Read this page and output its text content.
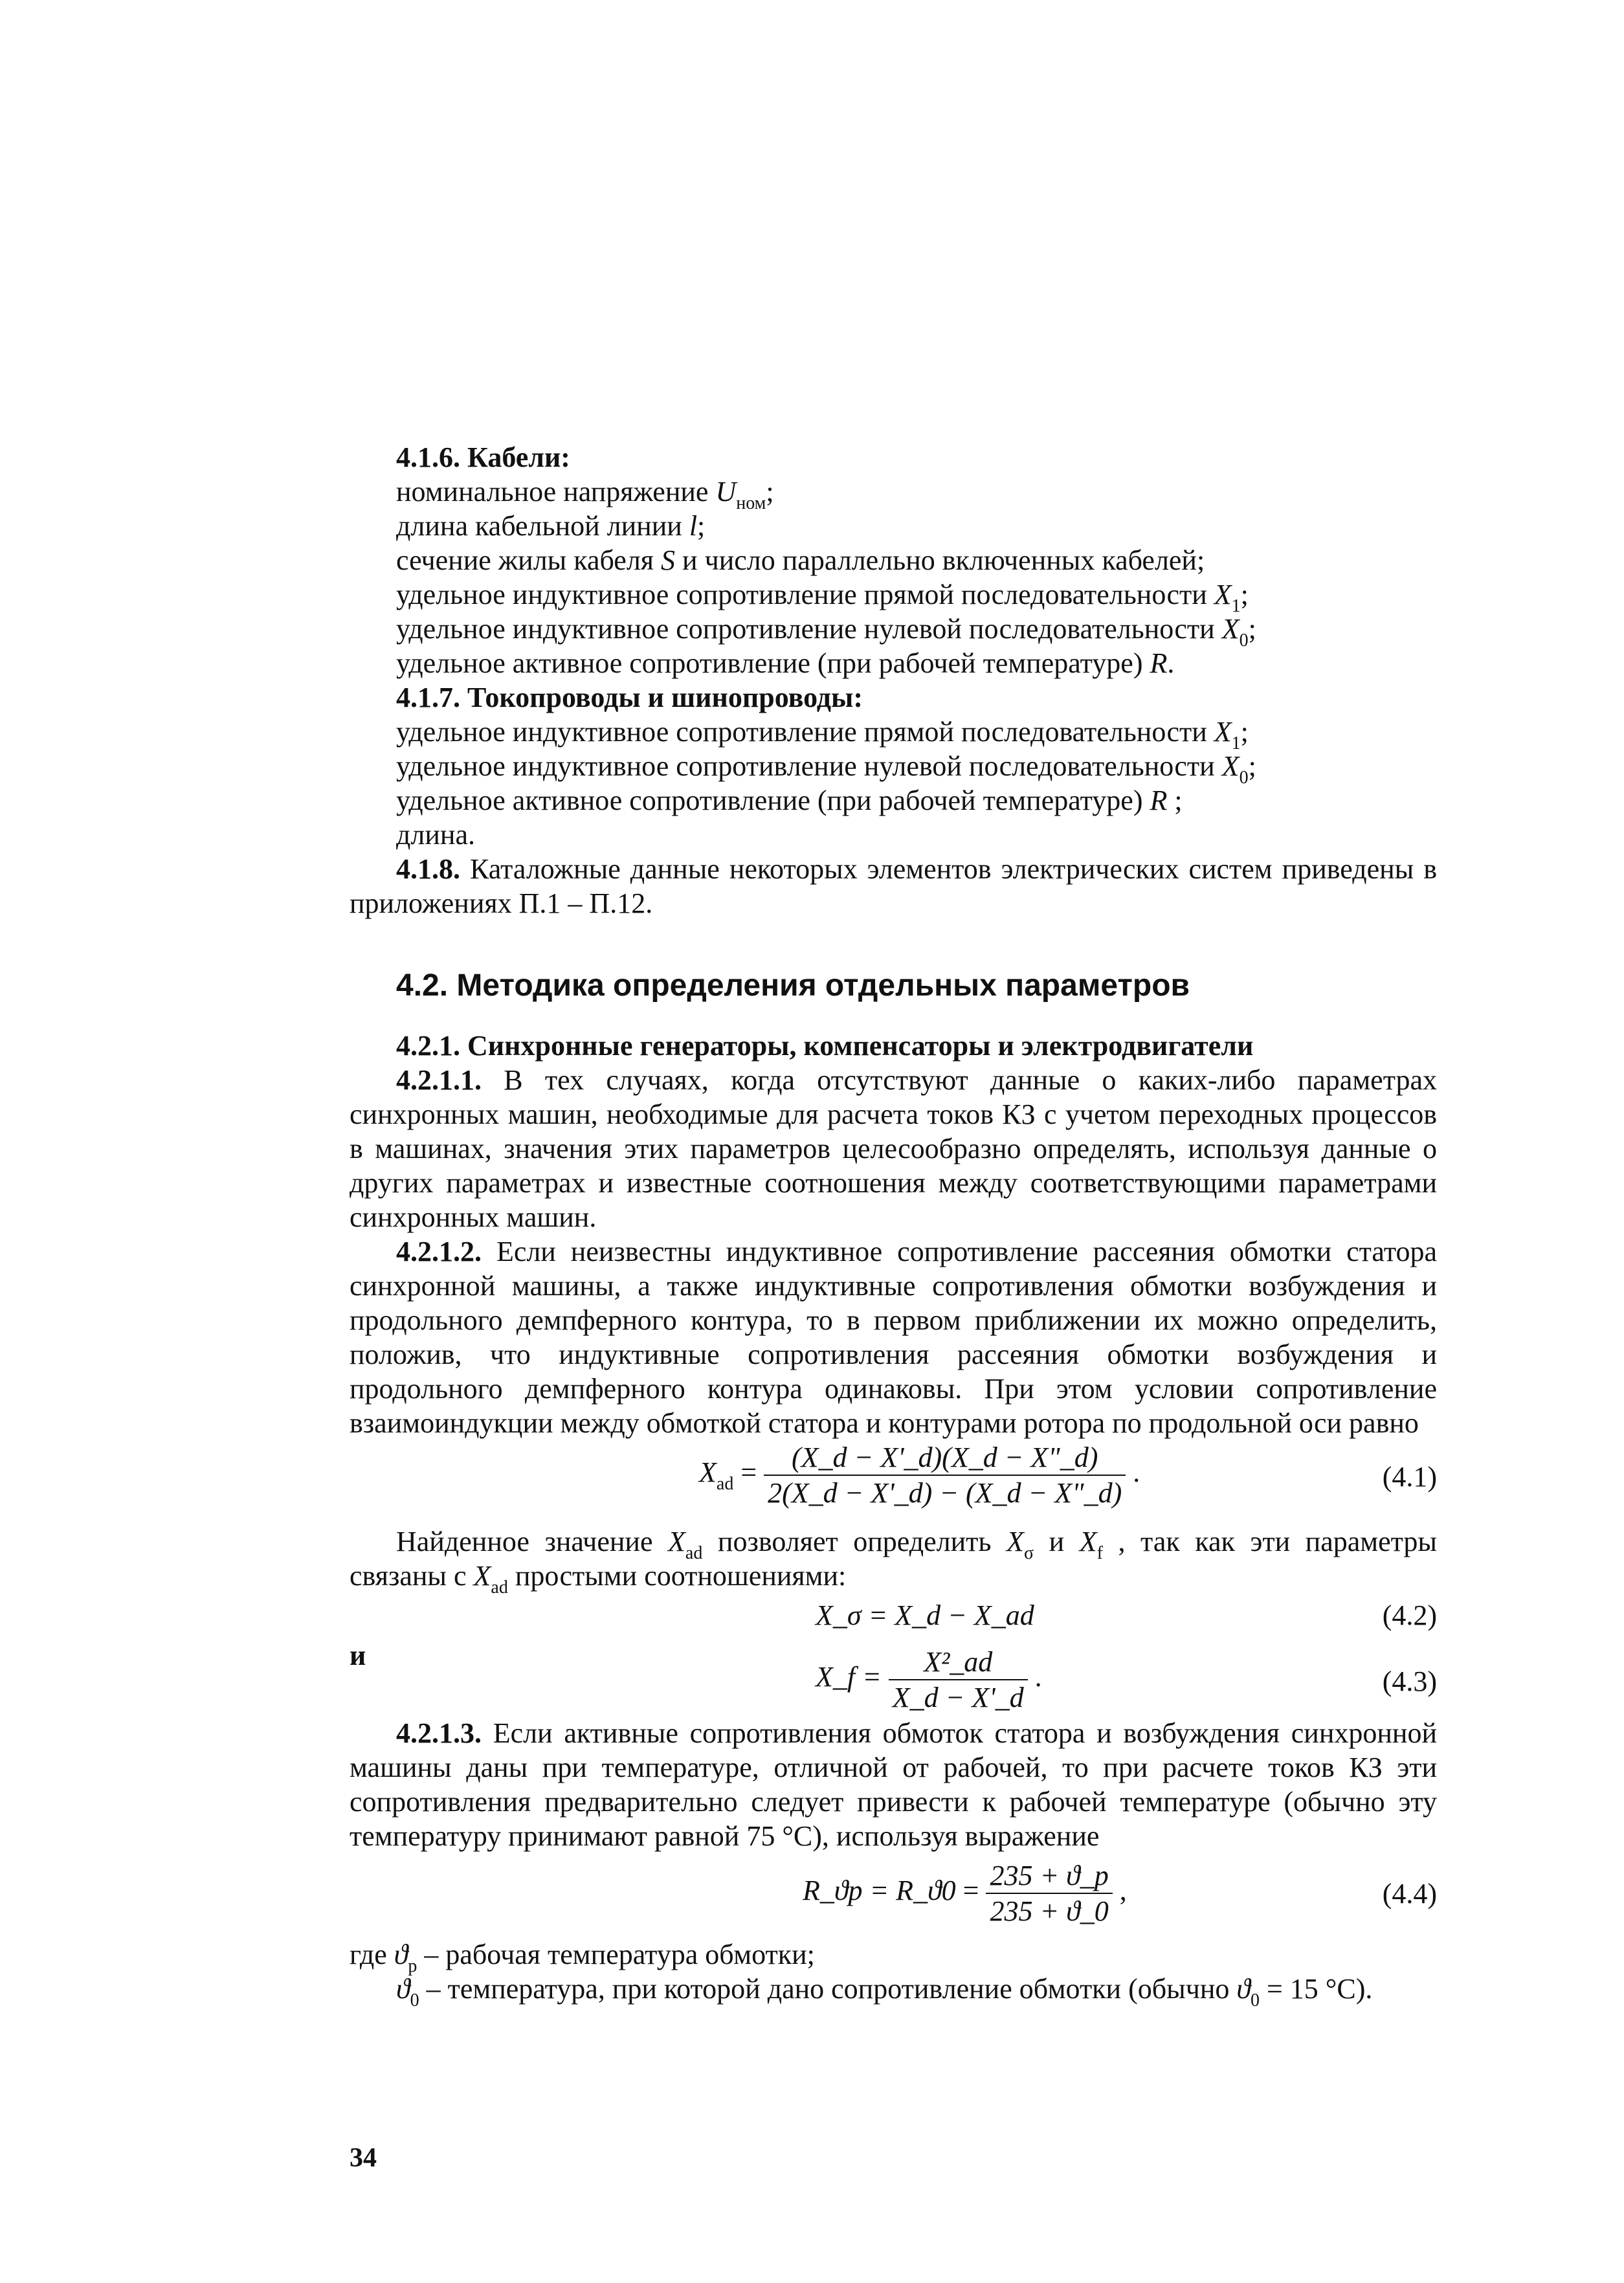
4.1.6. Кабели:

номинальное напряжение $U_{ном}$;

длина кабельной линии l;

сечение жилы кабеля S и число параллельно включенных кабелей;

удельное индуктивное сопротивление прямой последовательности $X_1$;

удельное индуктивное сопротивление нулевой последовательности $X_0$;

удельное активное сопротивление (при рабочей температуре) R.

4.1.7. Токопроводы и шинопроводы:

удельное индуктивное сопротивление прямой последовательности $X_1$;

удельное индуктивное сопротивление нулевой последовательности $X_0$;

удельное активное сопротивление (при рабочей температуре) R ;

длина.

4.1.8. Каталожные данные некоторых элементов электрических систем приведены в приложениях П.1 – П.12.

4.2. Методика определения отдельных параметров

4.2.1. Синхронные генераторы, компенсаторы и электродвигатели

4.2.1.1. В тех случаях, когда отсутствуют данные о каких-либо параметрах синхронных машин, необходимые для расчета токов КЗ с учетом переходных процессов в машинах, значения этих параметров целесообразно определять, используя данные о других параметрах и известные соотношения между соответствующими параметрами синхронных машин.

4.2.1.2. Если неизвестны индуктивное сопротивление рассеяния обмотки статора синхронной машины, а также индуктивные сопротивления обмотки возбуждения и продольного демпферного контура, то в первом приближении их можно определить, положив, что индуктивные сопротивления рассеяния обмотки возбуждения и продольного демпферного контура одинаковы. При этом условии сопротивление взаимоиндукции между обмоткой статора и контурами ротора по продольной оси равно

$X_{ad} = \frac{(X\_d - X'\_d)(X\_d - X"\_d)}{2(X\_d - X'\_d) - (X\_d - X"\_d)}$ .	(4.1)

Найденное значение $X_{ad}$ позволяет определить $X_\sigma$ и $X_f$ , так как эти параметры связаны с $X_{ad}$ простыми соотношениями:

X_σ = X_d − X_ad	(4.2)
и
X_f = $\frac{\text{X²\_ad}}{X\_d - X'\_d}$ .	(4.3)

4.2.1.3. Если активные сопротивления обмоток статора и возбуждения синхронной машины даны при температуре, отличной от рабочей, то при расчете токов КЗ эти сопротивления предварительно следует привести к рабочей температуре (обычно эту температуру принимают равной 75 °С), используя выражение

R_ϑp = R_ϑ0 = $\frac{235 + ϑ\_p}{235 + ϑ\_0}$ ,	(4.4)

где $ϑ_p$ – рабочая температура обмотки;

$ϑ_0$ – температура, при которой дано сопротивление обмотки (обычно $ϑ_0 = 15$ °С).

34
